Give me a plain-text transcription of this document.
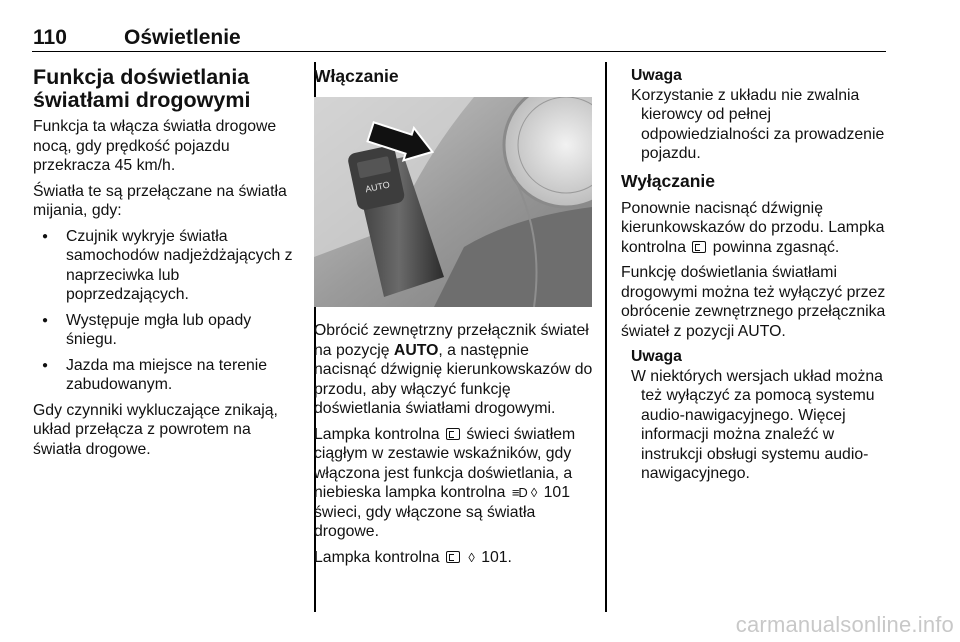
110	Oświetlenie
Funkcja doświetlania światłami drogowymi

Funkcja ta włącza światła drogowe nocą, gdy prędkość pojazdu przekracza 45 km/h.

Światła te są przełączane na światła mijania, gdy:

● Czujnik wykryje światła samochodów nadjeżdżających z naprzeciwka lub poprzedzających.
● Występuje mgła lub opady śniegu.
● Jazda ma miejsce na terenie zabudowanym.

Gdy czynniki wykluczające znikają, układ przełącza z powrotem na światła drogowe.

Włączanie
AUTO

Obrócić zewnętrzny przełącznik świateł na pozycję AUTO, a następnie nacisnąć dźwignię kierunkowskazów do przodu, aby włączyć funkcję doświetlania światłami drogowymi.

Lampka kontrolna świeci światłem ciągłym w zestawie wskaźników, gdy włączona jest funkcja doświetlania, a niebieska lampka kontrolna ≡D ◊ 101 świeci, gdy włączone są światła drogowe.

Lampka kontrolna ◊ 101.

Uwaga
Korzystanie z układu nie zwalnia kierowcy od pełnej odpowiedzialności za prowadzenie pojazdu.
Wyłączanie

Ponownie nacisnąć dźwignię kierunkowskazów do przodu. Lampka kontrolna powinna zgasnąć.

Funkcję doświetlania światłami drogowymi można też wyłączyć przez obrócenie zewnętrznego przełącznika świateł z pozycji AUTO.

Uwaga
W niektórych wersjach układ można też wyłączyć za pomocą systemu audio-nawigacyjnego. Więcej informacji można znaleźć w instrukcji obsługi systemu audio-nawigacyjnego.
carmanualsonline.info
